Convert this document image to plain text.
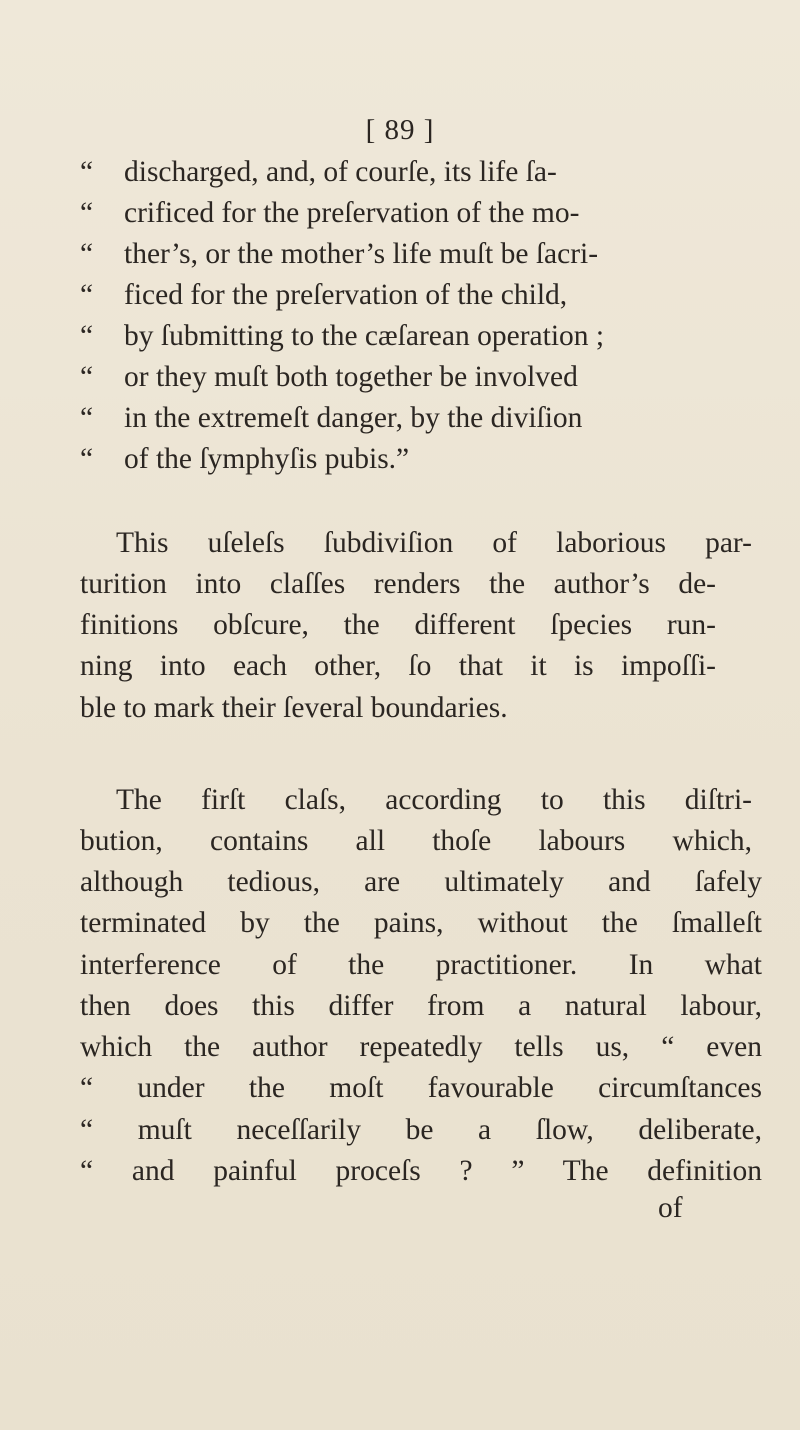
[ 89 ]
“ discharged, and, of courſe, its life ſa-
“ crificed for the preſervation of the mo-
“ ther’s, or the mother’s life muſt be ſacri-
“ ficed for the preſervation of the child,
“ by ſubmitting to the cæſarean operation ;
“ or they muſt both together be involved
“ in the extremeſt danger, by the diviſion
“ of the ſymphyſis pubis.”
This uſeleſs ſubdiviſion of laborious par-
turition into claſſes renders the author’s de-
finitions obſcure, the different ſpecies run-
ning into each other, ſo that it is impoſſi-
ble to mark their ſeveral boundaries.
The firſt claſs, according to this diſtri-
bution, contains all thoſe labours which,
although tedious, are ultimately and ſafely
terminated by the pains, without the ſmalleſt
interference of the practitioner. In what
then does this differ from a natural labour,
which the author repeatedly tells us, “ even
“ under the moſt favourable circumſtances
“ muſt neceſſarily be a ſlow, deliberate,
“ and painful proceſs ? ” The definition
of
